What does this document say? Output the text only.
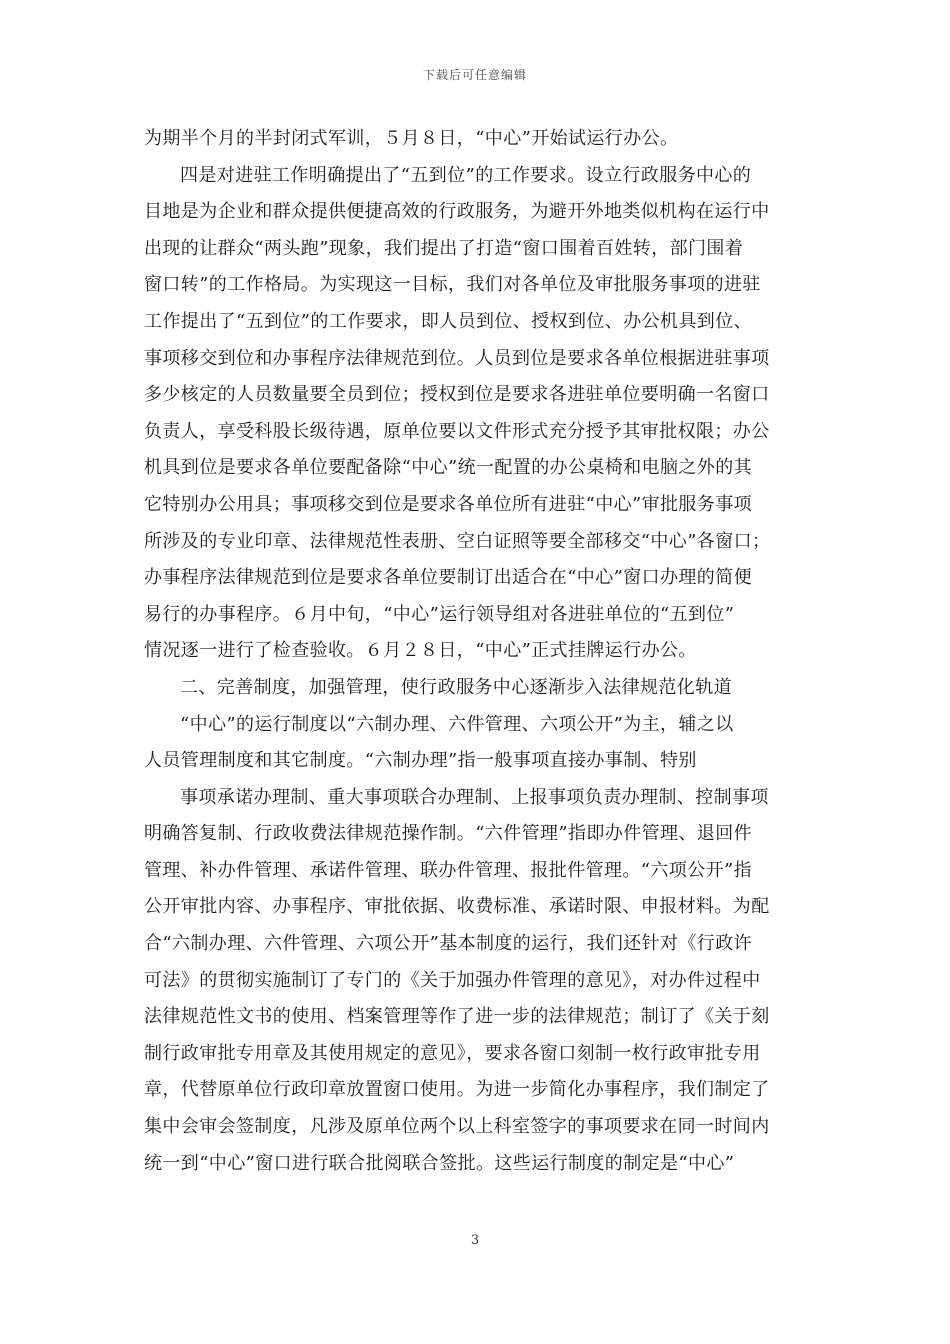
下载后可任意编辑
为期半个月的半封闭式军训，５月８日，“中心”开始试运行办公。
四是对进驻工作明确提出了“五到位”的工作要求。设立行政服务中心的
目地是为企业和群众提供便捷高效的行政服务，为避开外地类似机构在运行中
出现的让群众“两头跑”现象，我们提出了打造“窗口围着百姓转，部门围着
窗口转”的工作格局。为实现这一目标，我们对各单位及审批服务事项的进驻
工作提出了“五到位”的工作要求，即人员到位、授权到位、办公机具到位、
事项移交到位和办事程序法律规范到位。人员到位是要求各单位根据进驻事项
多少核定的人员数量要全员到位；授权到位是要求各进驻单位要明确一名窗口
负责人，享受科股长级待遇，原单位要以文件形式充分授予其审批权限；办公
机具到位是要求各单位要配备除“中心”统一配置的办公桌椅和电脑之外的其
它特别办公用具；事项移交到位是要求各单位所有进驻“中心”审批服务事项
所涉及的专业印章、法律规范性表册、空白证照等要全部移交“中心”各窗口；
办事程序法律规范到位是要求各单位要制订出适合在“中心”窗口办理的简便
易行的办事程序。６月中旬，“中心”运行领导组对各进驻单位的“五到位”
情况逐一进行了检查验收。６月２８日，“中心”正式挂牌运行办公。
二、完善制度，加强管理，使行政服务中心逐渐步入法律规范化轨道
“中心”的运行制度以“六制办理、六件管理、六项公开”为主，辅之以
人员管理制度和其它制度。“六制办理”指一般事项直接办事制、特别
事项承诺办理制、重大事项联合办理制、上报事项负责办理制、控制事项
明确答复制、行政收费法律规范操作制。“六件管理”指即办件管理、退回件
管理、补办件管理、承诺件管理、联办件管理、报批件管理。“六项公开”指
公开审批内容、办事程序、审批依据、收费标准、承诺时限、申报材料。为配
合“六制办理、六件管理、六项公开”基本制度的运行，我们还针对《行政许
可法》的贯彻实施制订了专门的《关于加强办件管理的意见》，对办件过程中
法律规范性文书的使用、档案管理等作了进一步的法律规范；制订了《关于刻
制行政审批专用章及其使用规定的意见》，要求各窗口刻制一枚行政审批专用
章，代替原单位行政印章放置窗口使用。为进一步简化办事程序，我们制定了
集中会审会签制度，凡涉及原单位两个以上科室签字的事项要求在同一时间内
统一到“中心”窗口进行联合批阅联合签批。这些运行制度的制定是“中心”
3
